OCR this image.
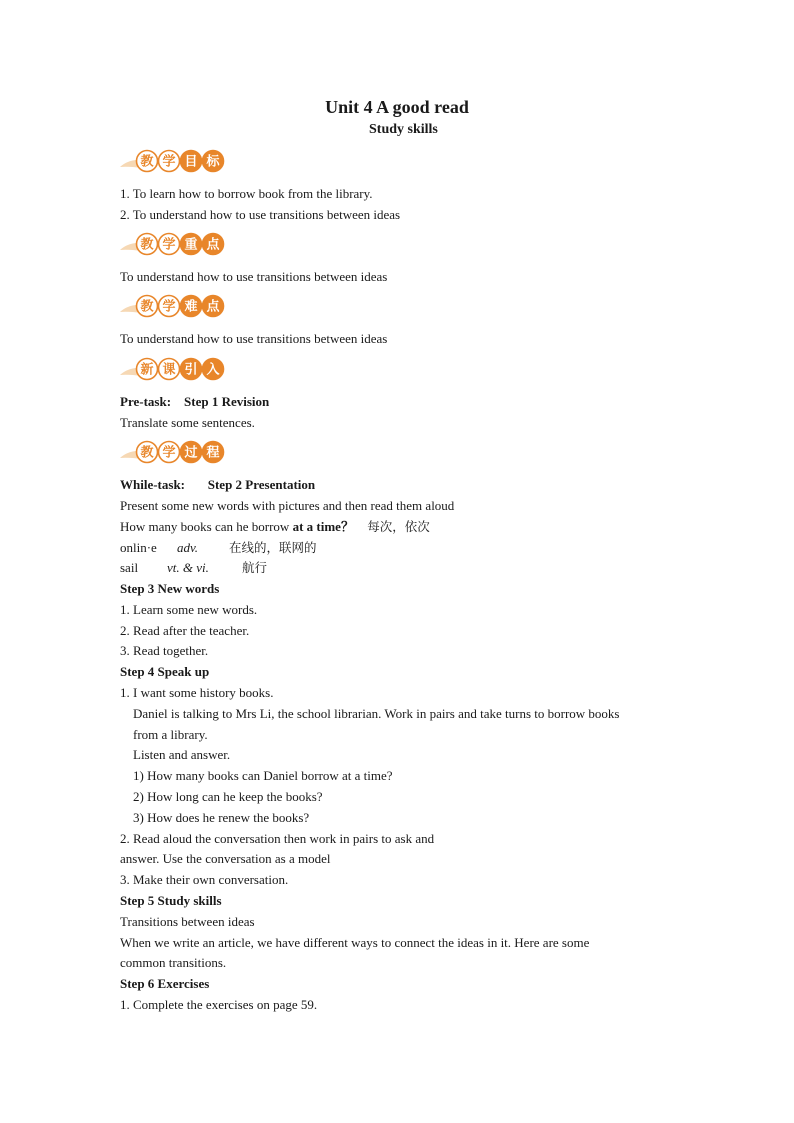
Unit 4 A good read
Study skills
教 学 目 标
1. To learn how to borrow book from the library.
2. To understand how to use transitions between ideas
教 学 重 点
To understand how to use transitions between ideas
教 学 难 点
To understand how to use transitions between ideas
新 课 引 入
Pre-task: Step 1 Revision
Translate some sentences.
教 学 过 程
While-task: Step 2 Presentation
Present some new words with pictures and then read them aloud
How many books can he borrow at a time？ 每次，依次
onlin·e adv. 在线的，联网的
sail vt. & vi.	航行
Step 3 New words
1. Learn some new words.
2. Read after the teacher.
3. Read together.
Step 4 Speak up
1. I want some history books.
Daniel is talking to Mrs Li, the school librarian. Work in pairs and take turns to borrow books
from a library.
Listen and answer.
1) How many books can Daniel borrow at a time?
2) How long can he keep the books?
3) How does he renew the books?
2. Read aloud the conversation then work in pairs to ask and
answer. Use the conversation as a model
3. Make their own conversation.
Step 5 Study skills
Transitions between ideas
When we write an article, we have different ways to connect the ideas in it. Here are some
common transitions.
Step 6 Exercises
1. Complete the exercises on page 59.
